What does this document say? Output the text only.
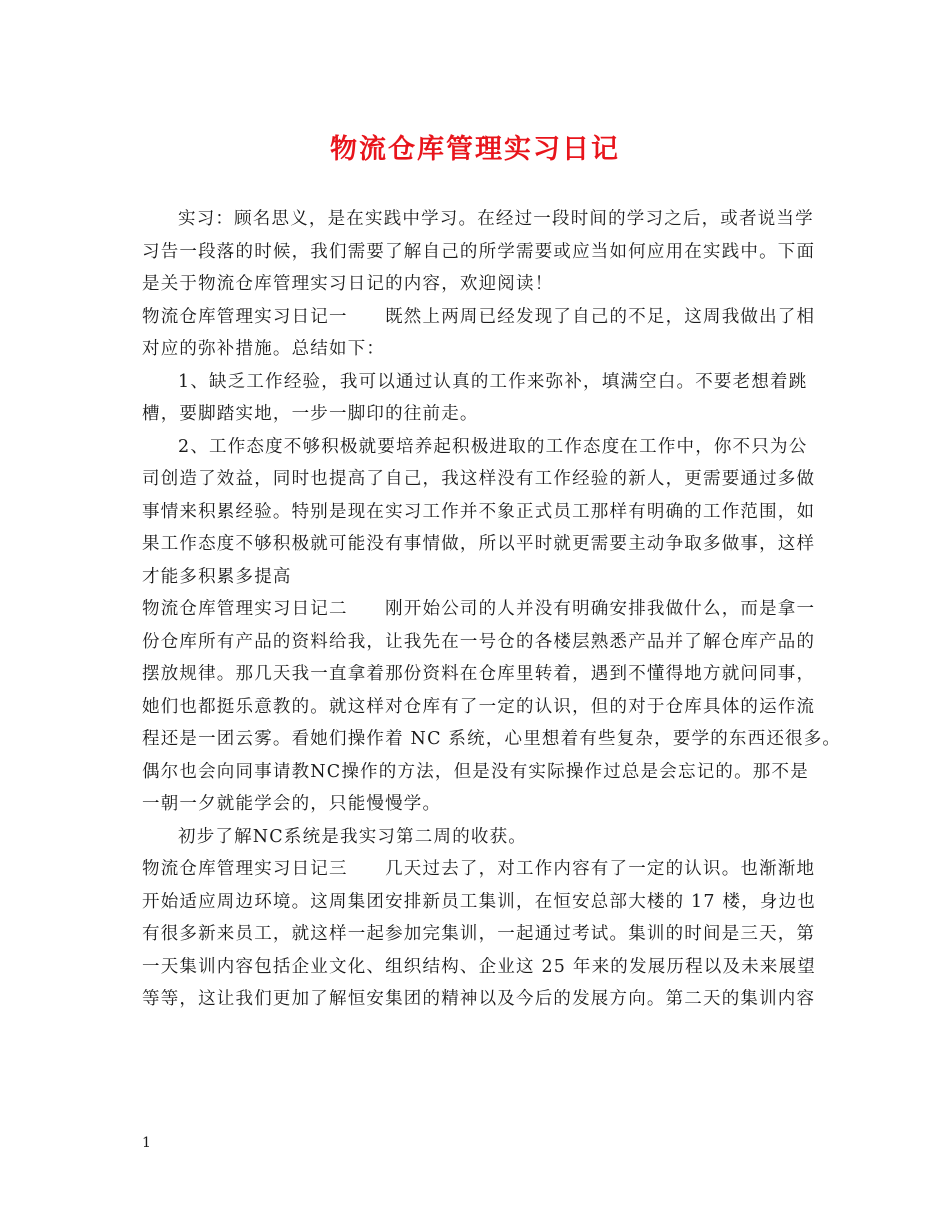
物流仓库管理实习日记
实习：顾名思义，是在实践中学习。在经过一段时间的学习之后，或者说当学
习告一段落的时候，我们需要了解自己的所学需要或应当如何应用在实践中。下面
是关于物流仓库管理实习日记的内容，欢迎阅读！
物流仓库管理实习日记一　　既然上两周已经发现了自己的不足，这周我做出了相
对应的弥补措施。总结如下：
1、缺乏工作经验，我可以通过认真的工作来弥补，填满空白。不要老想着跳
槽，要脚踏实地，一步一脚印的往前走。
2、工作态度不够积极就要培养起积极进取的工作态度在工作中，你不只为公
司创造了效益，同时也提高了自己，我这样没有工作经验的新人，更需要通过多做
事情来积累经验。特别是现在实习工作并不象正式员工那样有明确的工作范围，如
果工作态度不够积极就可能没有事情做，所以平时就更需要主动争取多做事，这样
才能多积累多提高
物流仓库管理实习日记二　　刚开始公司的人并没有明确安排我做什么，而是拿一
份仓库所有产品的资料给我，让我先在一号仓的各楼层熟悉产品并了解仓库产品的
摆放规律。那几天我一直拿着那份资料在仓库里转着，遇到不懂得地方就问同事，
她们也都挺乐意教的。就这样对仓库有了一定的认识，但的对于仓库具体的运作流
程还是一团云雾。看她们操作着 NC 系统，心里想着有些复杂，要学的东西还很多。
偶尔也会向同事请教NC操作的方法，但是没有实际操作过总是会忘记的。那不是
一朝一夕就能学会的，只能慢慢学。
初步了解NC系统是我实习第二周的收获。
物流仓库管理实习日记三　　几天过去了，对工作内容有了一定的认识。也渐渐地
开始适应周边环境。这周集团安排新员工集训，在恒安总部大楼的 17 楼，身边也
有很多新来员工，就这样一起参加完集训，一起通过考试。集训的时间是三天，第
一天集训内容包括企业文化、组织结构、企业这 25 年来的发展历程以及未来展望
等等，这让我们更加了解恒安集团的精神以及今后的发展方向。第二天的集训内容
1
